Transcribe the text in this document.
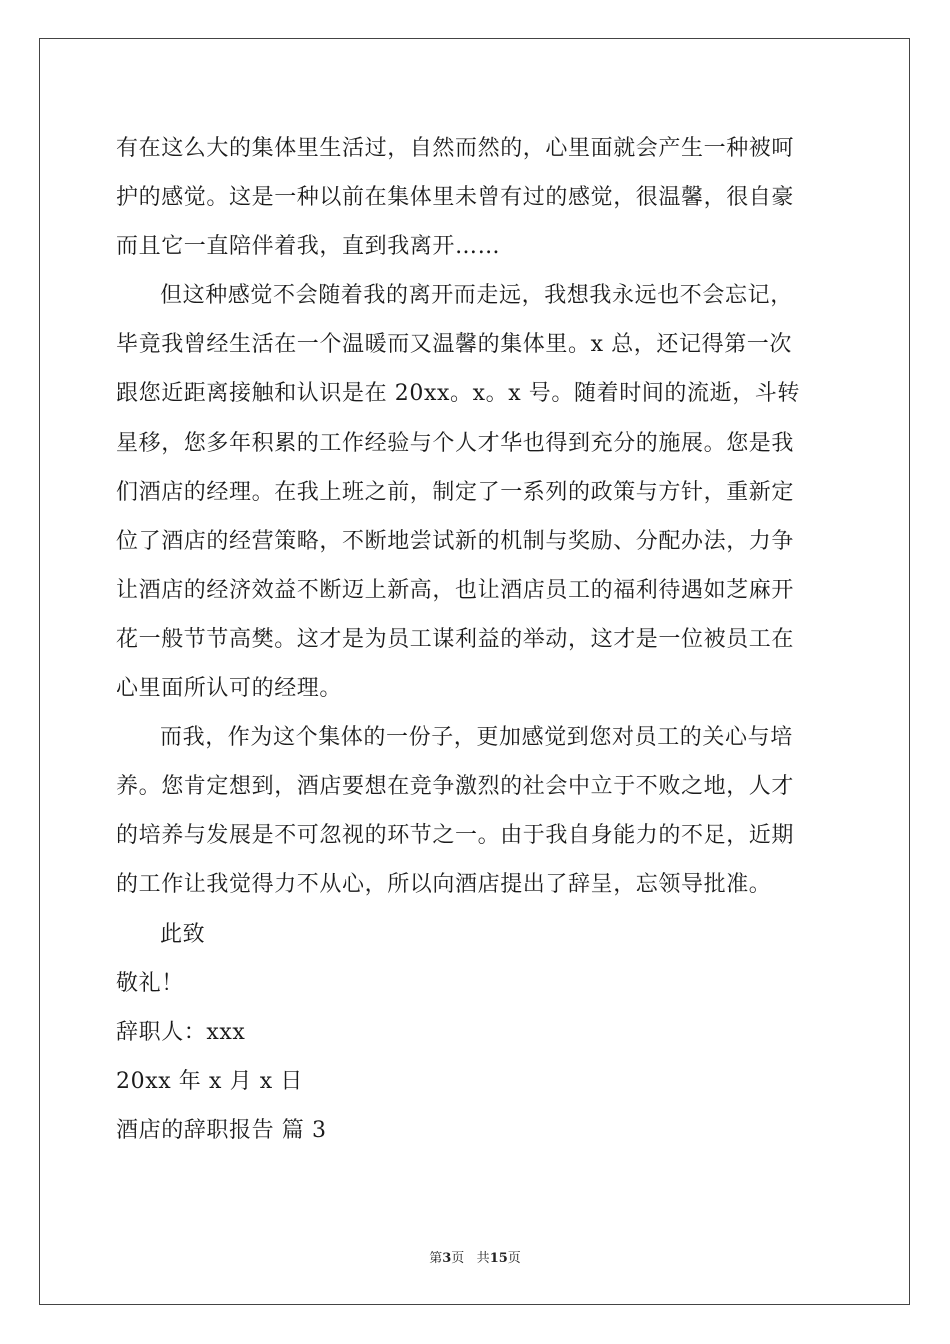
有在这么大的集体里生活过，自然而然的，心里面就会产生一种被呵
护的感觉。这是一种以前在集体里未曾有过的感觉，很温馨，很自豪
而且它一直陪伴着我，直到我离开……
但这种感觉不会随着我的离开而走远，我想我永远也不会忘记，
毕竟我曾经生活在一个温暖而又温馨的集体里。x 总，还记得第一次
跟您近距离接触和认识是在 20xx。x。x 号。随着时间的流逝，斗转
星移，您多年积累的工作经验与个人才华也得到充分的施展。您是我
们酒店的经理。在我上班之前，制定了一系列的政策与方针，重新定
位了酒店的经营策略，不断地尝试新的机制与奖励、分配办法，力争
让酒店的经济效益不断迈上新高，也让酒店员工的福利待遇如芝麻开
花一般节节高樊。这才是为员工谋利益的举动，这才是一位被员工在
心里面所认可的经理。
而我，作为这个集体的一份子，更加感觉到您对员工的关心与培
养。您肯定想到，酒店要想在竞争激烈的社会中立于不败之地，人才
的培养与发展是不可忽视的环节之一。由于我自身能力的不足，近期
的工作让我觉得力不从心，所以向酒店提出了辞呈，忘领导批准。
此致
敬礼！
辞职人：xxx
20xx 年 x 月 x 日
酒店的辞职报告 篇 3
第3页 共15页
